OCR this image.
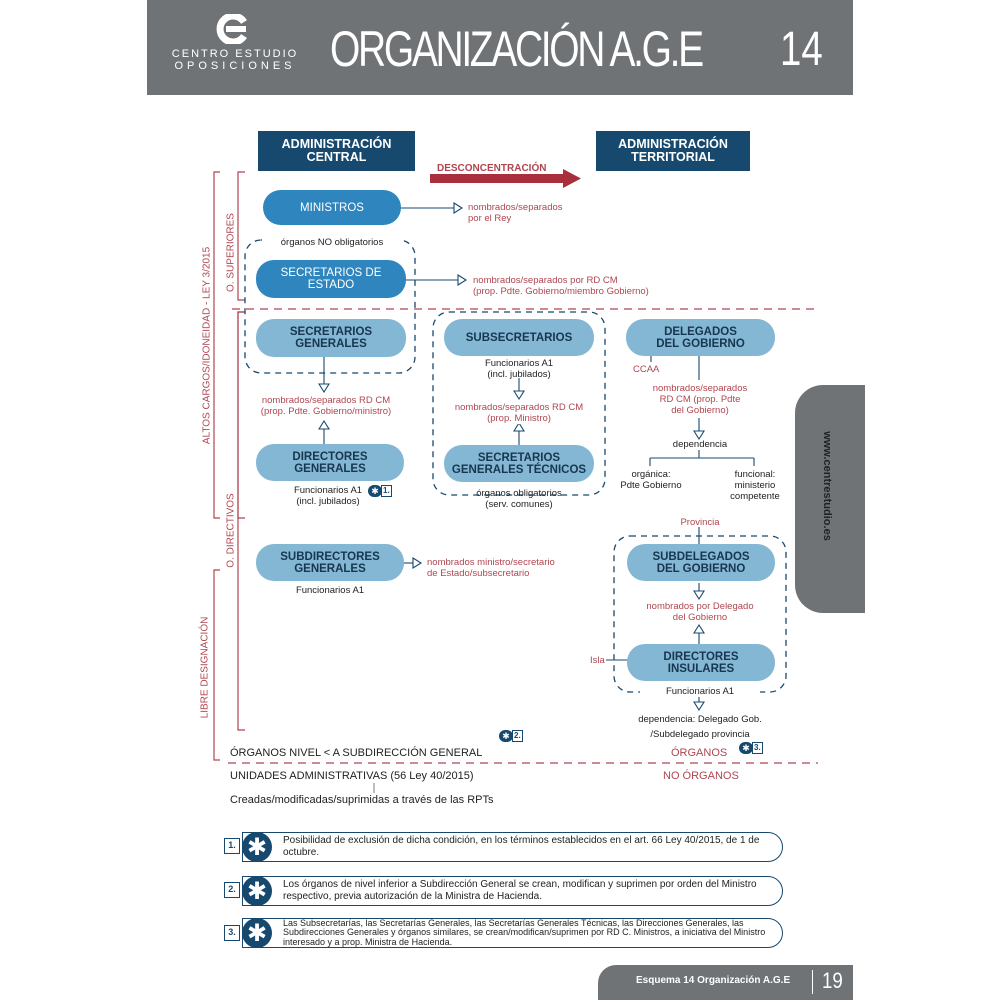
CENTRO ESTUDIO
OPOSICIONES ORGANIZACIÓN A.G.E 14
www.centrestudio.es
ADMINISTRACIÓN
CENTRAL
ADMINISTRACIÓN
TERRITORIAL
DESCONCENTRACIÓN
ALTOS CARGOS/IDONEIDAD - LEY 3/2015 O. SUPERIORES
O. DIRECTIVOS
LIBRE DESIGNACIÓN
MINISTROS	nombrados/separados
por el Rey
órganos NO obligatorios
SECRETARIOS DE
ESTADO	nombrados/separados por RD CM
(prop. Pdte. Gobierno/miembro Gobierno)
SECRETARIOS
GENERALES
nombrados/separados RD CM
(prop. Pdte. Gobierno/ministro)
DIRECTORES
GENERALES
Funcionarios A1
(incl. jubilados)
✱ 1.
SUBDIRECTORES
GENERALES	nombrados ministro/secretario
de Estado/subsecretario
Funcionarios A1
SUBSECRETARIOS
Funcionarios A1
(incl. jubilados)
nombrados/separados RD CM
(prop. Ministro)
SECRETARIOS
GENERALES TÉCNICOS
órganos obligatorios
(serv. comunes)
DELEGADOS
DEL GOBIERNO
CCAA
nombrados/separados
RD CM (prop. Pdte
del Gobierno)
dependencia
orgánica:
Pdte Gobierno
funcional:
ministerio
competente
Provincia
SUBDELEGADOS
DEL GOBIERNO
nombrados por Delegado
del Gobierno
Isla	DIRECTORES
INSULARES
Funcionarios A1
dependencia: Delegado Gob.
/Subdelegado provincia
✱ 2.
✱ 3.
ÓRGANOS NIVEL < A SUBDIRECCIÓN GENERAL	ÓRGANOS
UNIDADES ADMINISTRATIVAS (56 Ley 40/2015)	NO ÓRGANOS
Creadas/modificadas/suprimidas a través de las RPTs
Posibilidad de exclusión de dicha condición, en los términos establecidos en el art. 66 Ley 40/2015, de 1 de octubre.
1. ✱
Los órganos de nivel inferior a Subdirección General se crean, modifican y suprimen por orden del Ministro respectivo, previa autorización de la Ministra de Hacienda.
2. ✱
Las Subsecretarías, las Secretarías Generales, las Secretarías Generales Técnicas, las Direcciones Generales, las Subdirecciones Generales y órganos similares, se crean/modifican/suprimen por RD C. Ministros, a iniciativa del Ministro interesado y a prop. Ministra de Hacienda.
3. ✱
Esquema 14 Organización A.G.E 19
